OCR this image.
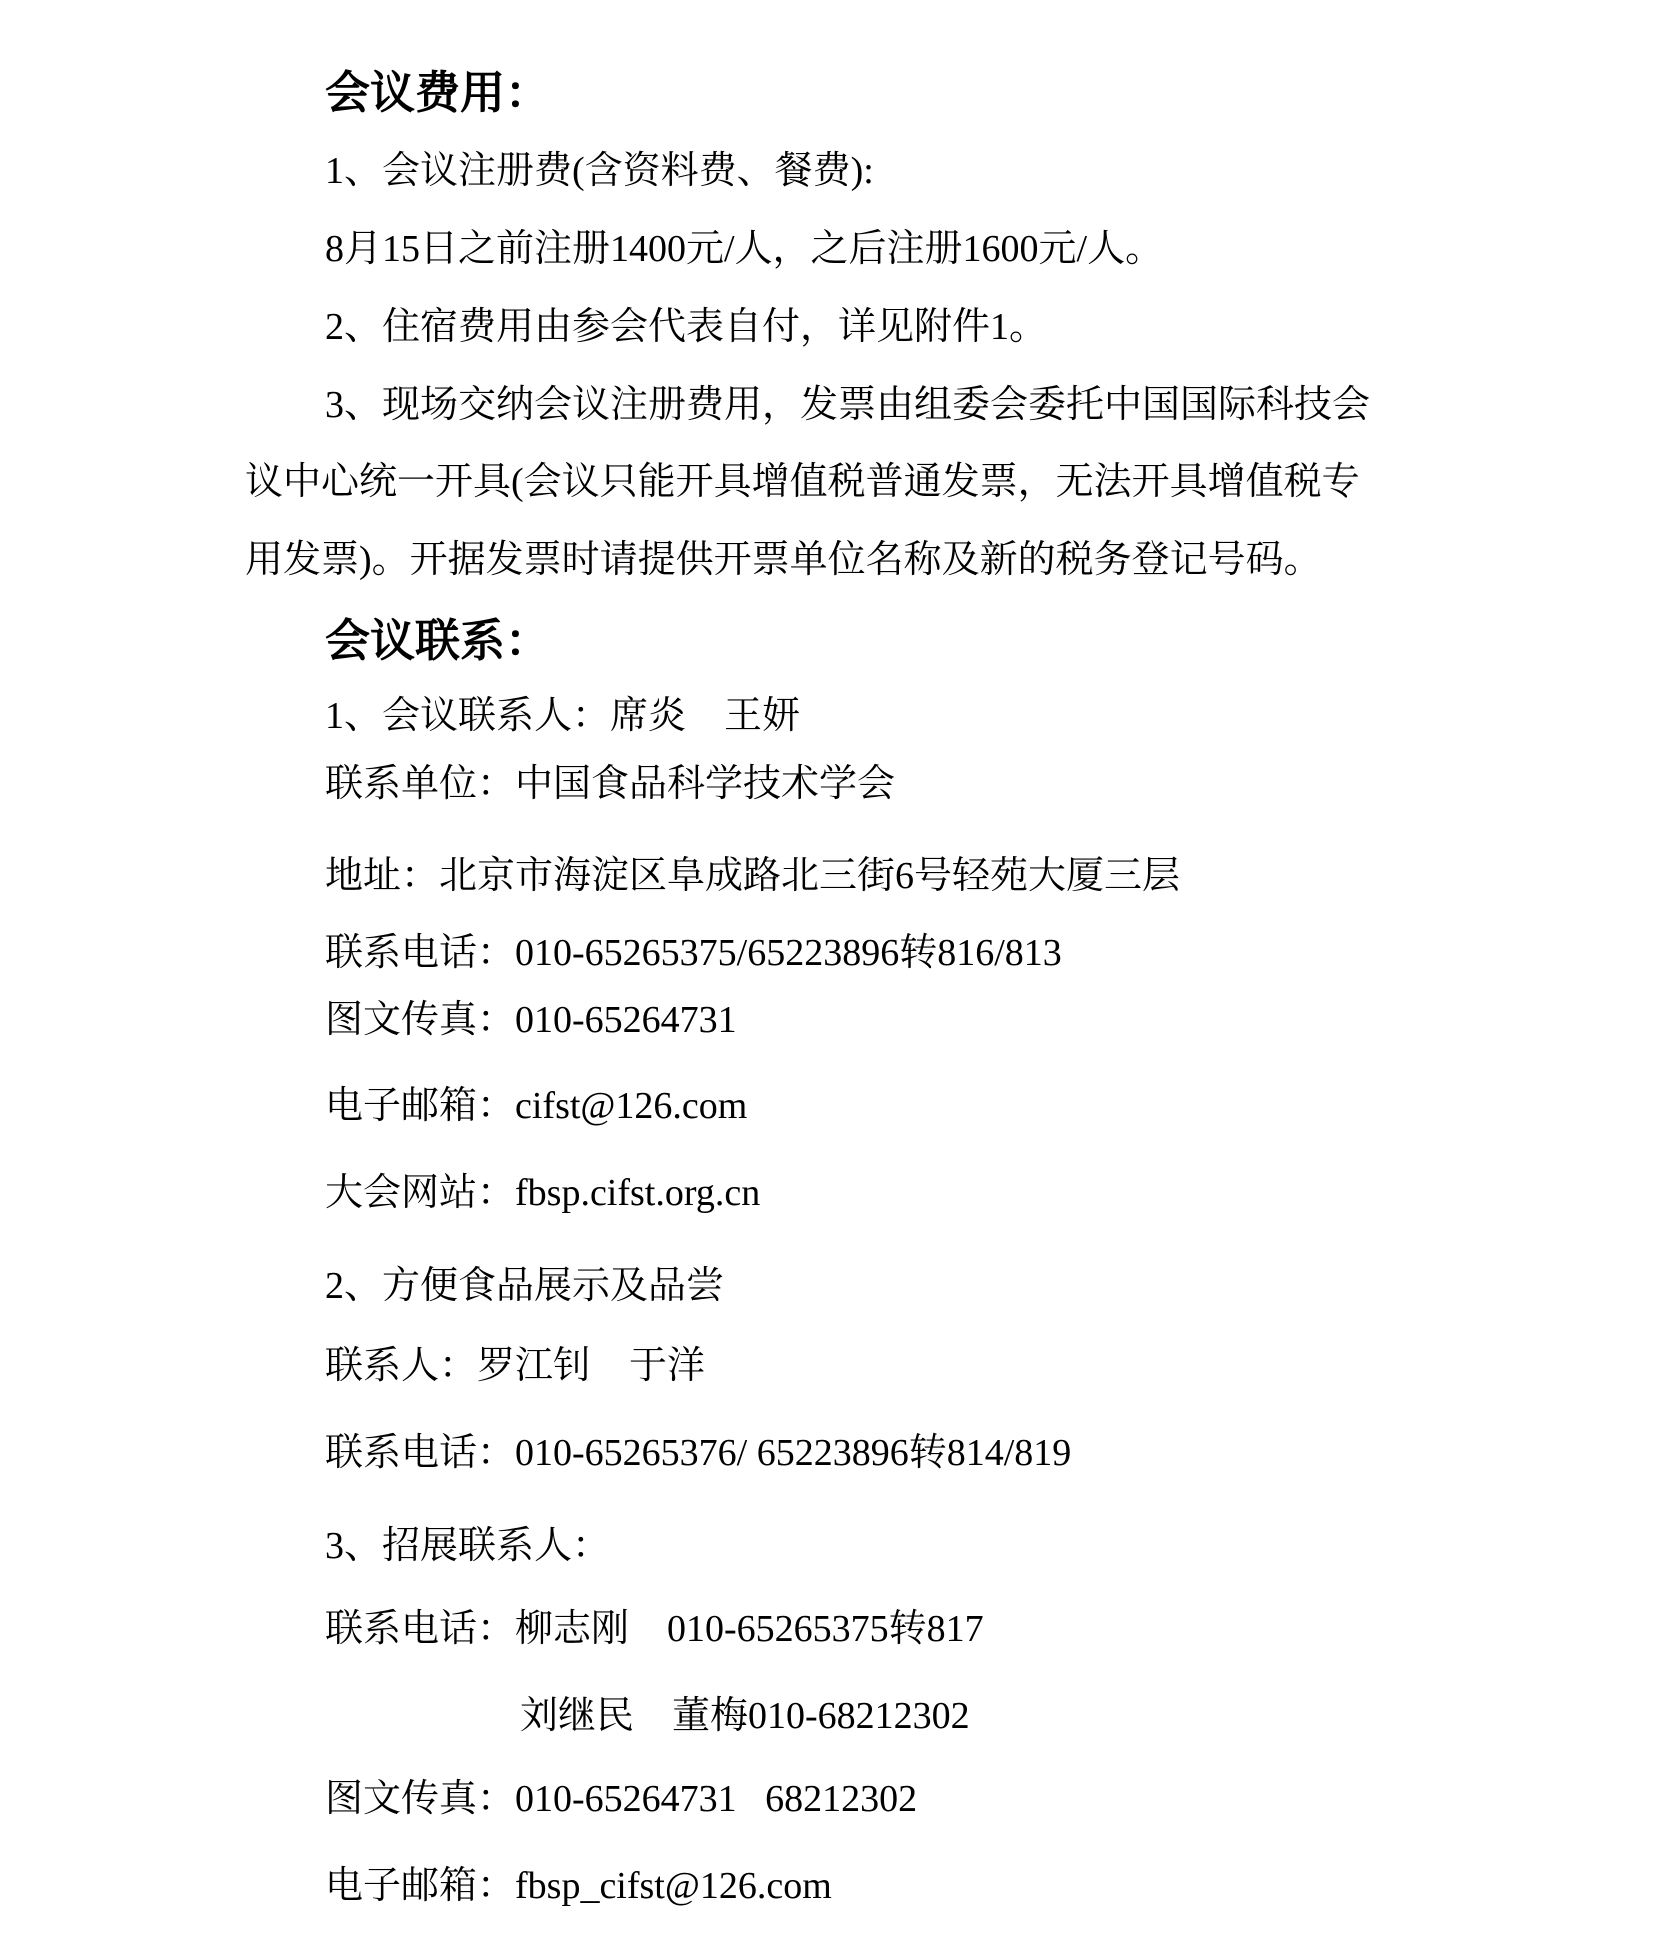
会议费用：
1、会议注册费(含资料费、餐费):
8月15日之前注册1400元/人，之后注册1600元/人。
2、住宿费用由参会代表自付，详见附件1。
3、现场交纳会议注册费用，发票由组委会委托中国国际科技会
议中心统一开具(会议只能开具增值税普通发票，无法开具增值税专
用发票)。开据发票时请提供开票单位名称及新的税务登记号码。
会议联系：
1、会议联系人：席炎　王妍
联系单位：中国食品科学技术学会
地址：北京市海淀区阜成路北三街6号轻苑大厦三层
联系电话：010-65265375/65223896转816/813
图文传真：010-65264731
电子邮箱：cifst@126.com
大会网站：fbsp.cifst.org.cn
2、方便食品展示及品尝
联系人：罗江钊　于洋
联系电话：010-65265376/ 65223896转814/819
3、招展联系人：
联系电话：柳志刚　010-65265375转817
刘继民　董梅010-68212302
图文传真：010-65264731   68212302
电子邮箱：fbsp_cifst@126.com
